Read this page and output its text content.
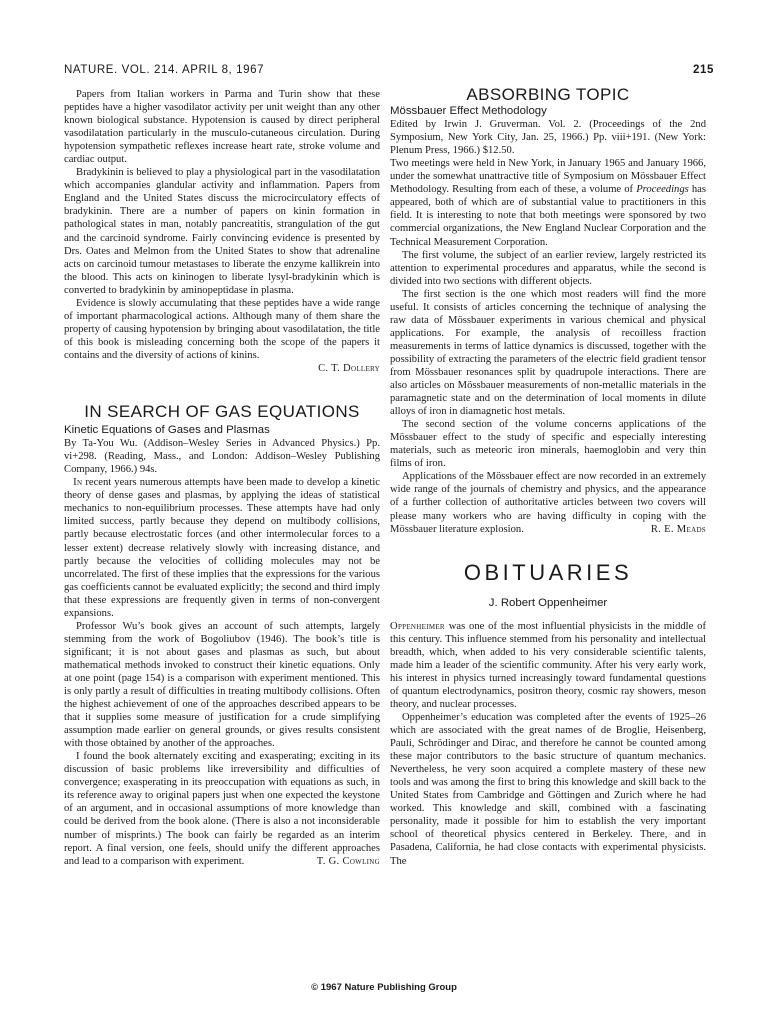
NATURE. VOL. 214. APRIL 8, 1967	215

Papers from Italian workers in Parma and Turin show that these peptides have a higher vasodilator activity per unit weight than any other known biological substance. Hypotension is caused by direct peripheral vasodilatation particularly in the musculo-cutaneous circulation. During hypotension sympathetic reflexes increase heart rate, stroke volume and cardiac output.

Bradykinin is believed to play a physiological part in the vasodilatation which accompanies glandular activity and inflammation. Papers from England and the United States discuss the microcirculatory effects of bradykinin. There are a number of papers on kinin formation in pathological states in man, notably pancreatitis, strangulation of the gut and the carcinoid syndrome. Fairly convincing evidence is presented by Drs. Oates and Melmon from the United States to show that adrenaline acts on carcinoid tumour metastases to liberate the enzyme kallikrein into the blood. This acts on kininogen to liberate lysyl-bradykinin which is converted to bradykinin by aminopeptidase in plasma.

Evidence is slowly accumulating that these peptides have a wide range of important pharmacological actions. Although many of them share the property of causing hypotension by bringing about vasodilatation, the title of this book is misleading concerning both the scope of the papers it contains and the diversity of actions of kinins.

C. T. Dollery

IN SEARCH OF GAS EQUATIONS

Kinetic Equations of Gases and Plasmas

By Ta-You Wu. (Addison–Wesley Series in Advanced Physics.) Pp. vi+298. (Reading, Mass., and London: Addison–Wesley Publishing Company, 1966.) 94s.

In recent years numerous attempts have been made to develop a kinetic theory of dense gases and plasmas, by applying the ideas of statistical mechanics to non-equilibrium processes. These attempts have had only limited success, partly because they depend on multibody collisions, partly because electrostatic forces (and other intermolecular forces to a lesser extent) decrease relatively slowly with increasing distance, and partly because the velocities of colliding molecules may not be uncorrelated. The first of these implies that the expressions for the various gas coefficients cannot be evaluated explicitly; the second and third imply that these expressions are frequently given in terms of non-convergent expansions.

Professor Wu’s book gives an account of such attempts, largely stemming from the work of Bogoliubov (1946). The book’s title is significant; it is not about gases and plasmas as such, but about mathematical methods invoked to construct their kinetic equations. Only at one point (page 154) is a comparison with experiment mentioned. This is only partly a result of difficulties in treating multibody collisions. Often the highest achievement of one of the approaches described appears to be that it supplies some measure of justification for a crude simplifying assumption made earlier on general grounds, or gives results consistent with those obtained by another of the approaches.

I found the book alternately exciting and exasperating; exciting in its discussion of basic problems like irreversibility and difficulties of convergence; exasperating in its preoccupation with equations as such, in its reference away to original papers just when one expected the keystone of an argument, and in occasional assumptions of more knowledge than could be derived from the book alone. (There is also a not inconsiderable number of misprints.) The book can fairly be regarded as an interim report. A final version, one feels, should unify the different approaches and lead to a comparison with experiment.	T. G. Cowling

ABSORBING TOPIC

Mössbauer Effect Methodology

Edited by Irwin J. Gruverman. Vol. 2. (Proceedings of the 2nd Symposium, New York City, Jan. 25, 1966.) Pp. viii+191. (New York: Plenum Press, 1966.) $12.50.

Two meetings were held in New York, in January 1965 and January 1966, under the somewhat unattractive title of Symposium on Mössbauer Effect Methodology. Resulting from each of these, a volume of Proceedings has appeared, both of which are of substantial value to practitioners in this field. It is interesting to note that both meetings were sponsored by two commercial organizations, the New England Nuclear Corporation and the Technical Measurement Corporation.

The first volume, the subject of an earlier review, largely restricted its attention to experimental procedures and apparatus, while the second is divided into two sections with different objects.

The first section is the one which most readers will find the more useful. It consists of articles concerning the technique of analysing the raw data of Mössbauer experiments in various chemical and physical applications. For example, the analysis of recoilless fraction measurements in terms of lattice dynamics is discussed, together with the possibility of extracting the parameters of the electric field gradient tensor from Mössbauer resonances split by quadrupole interactions. There are also articles on Mössbauer measurements of non-metallic materials in the paramagnetic state and on the determination of local moments in dilute alloys of iron in diamagnetic host metals.

The second section of the volume concerns applications of the Mössbauer effect to the study of specific and especially interesting materials, such as meteoric iron minerals, haemoglobin and very thin films of iron.

Applications of the Mössbauer effect are now recorded in an extremely wide range of the journals of chemistry and physics, and the appearance of a further collection of authoritative articles between two covers will please many workers who are having difficulty in coping with the Mössbauer literature explosion.	R. E. Meads

OBITUARIES

J. Robert Oppenheimer

Oppenheimer was one of the most influential physicists in the middle of this century. This influence stemmed from his personality and intellectual breadth, which, when added to his very considerable scientific talents, made him a leader of the scientific community. After his very early work, his interest in physics turned increasingly toward fundamental questions of quantum electrodynamics, positron theory, cosmic ray showers, meson theory, and nuclear processes.

Oppenheimer’s education was completed after the events of 1925–26 which are associated with the great names of de Broglie, Heisenberg, Pauli, Schrödinger and Dirac, and therefore he cannot be counted among these major contributors to the basic structure of quantum mechanics. Nevertheless, he very soon acquired a complete mastery of these new tools and was among the first to bring this knowledge and skill back to the United States from Cambridge and Göttingen and Zurich where he had worked. This knowledge and skill, combined with a fascinating personality, made it possible for him to establish the very important school of theoretical physics centered in Berkeley. There, and in Pasadena, California, he had close contacts with experimental physicists. The

© 1967 Nature Publishing Group
